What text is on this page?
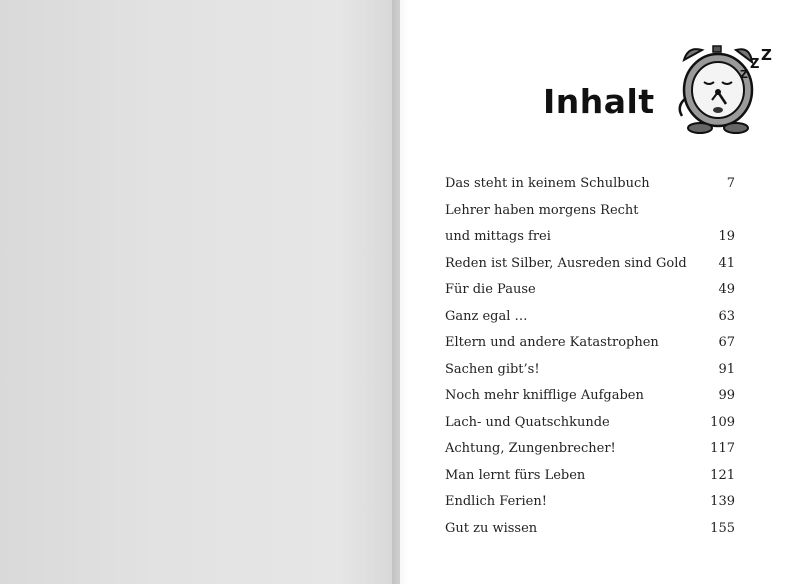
Inhalt
Z
Z
Z
Das steht in keinem Schulbuch	7
Lehrer haben morgens Recht
und mittags frei	19
Reden ist Silber, Ausreden sind Gold 41
Für die Pause	49
Ganz egal …	63
Eltern und andere Katastrophen	67
Sachen gibt’s!	91
Noch mehr knifflige Aufgaben	99
Lach- und Quatschkunde	109
Achtung, Zungenbrecher!	117
Man lernt fürs Leben	121
Endlich Ferien!	139
Gut zu wissen	155
